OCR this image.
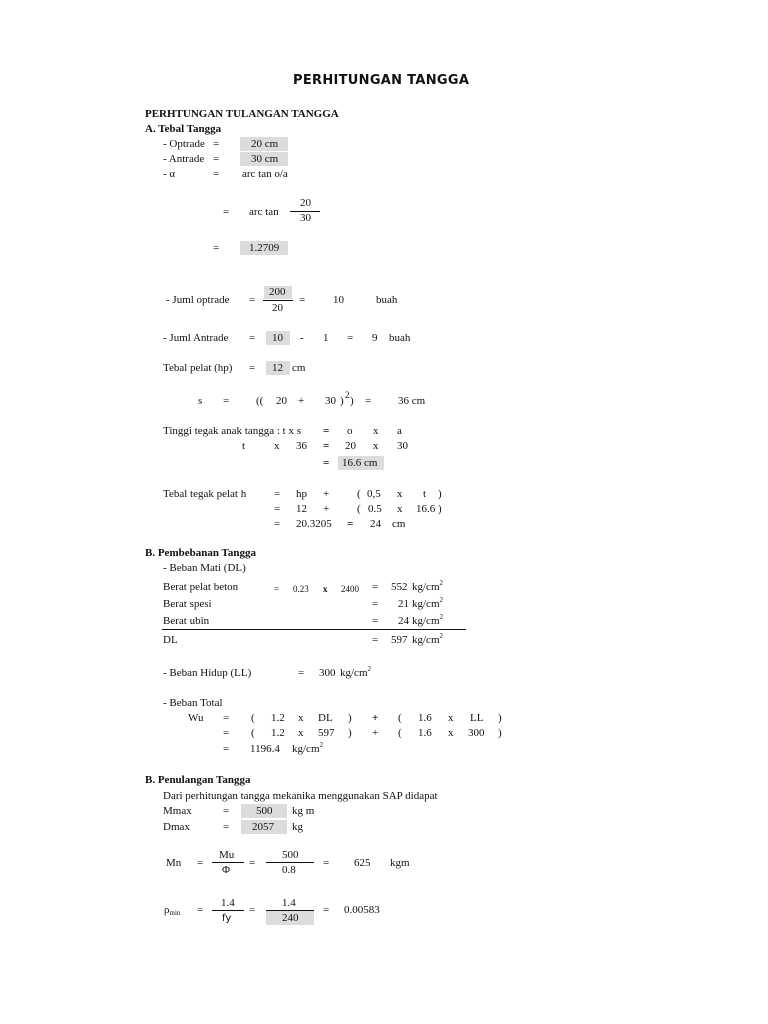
PERHITUNGAN TANGGA
PERHTUNGAN TULANGAN TANGGA
A. Tebal Tangga
- Optrade =	20 cm
- Antrade =	30 cm
- α	= arc tan o/a
= arc tan
20
30
=	1.2709
- Juml optrade =
200
20
=	10	buah
- Juml Antrade = 10 - 1 = 9 buah
Tebal pelat (hp) = 12 cm
s = (( 20 + 30 ) 2 ) = 36 cm
Tinggi tegak anak tangga : t x s = o x a
t	x 36 = 20 x 30
= 16.6 cm
Tebal tegak pelat h	= hp +	( 0,5 x t )
= 12 +	( 0.5 x 16.6 )
= 20.3205 = 24 cm
B. Pembebanan Tangga
- Beban Mati (DL)
Berat pelat beton	= 0.23 x 2400 = 552 $kg/cm^2$
Berat spesi	= 21 $kg/cm^2$
Berat ubin	= 24 $kg/cm^2$
DL	= 597 $kg/cm^2$
- Beban Hidup (LL)	= 300 $kg/cm^2$
- Beban Total
Wu = ( 1.2 x DL ) + ( 1.6 x LL )
= ( 1.2 x 597 ) + ( 1.6 x 300 )
= 1196.4 $kg/cm^2$
B. Penulangan Tangga
Dari perhitungan tangga mekanika menggunakan SAP didapat
Mmax	= 500 kg m
Dmax	= 2057 kg
Mn =
Mu
Φ
=
500
0.8
= 625 kgm
$\rho_{min}$ =
1.4
fy
=
1.4
240
= 0.00583
